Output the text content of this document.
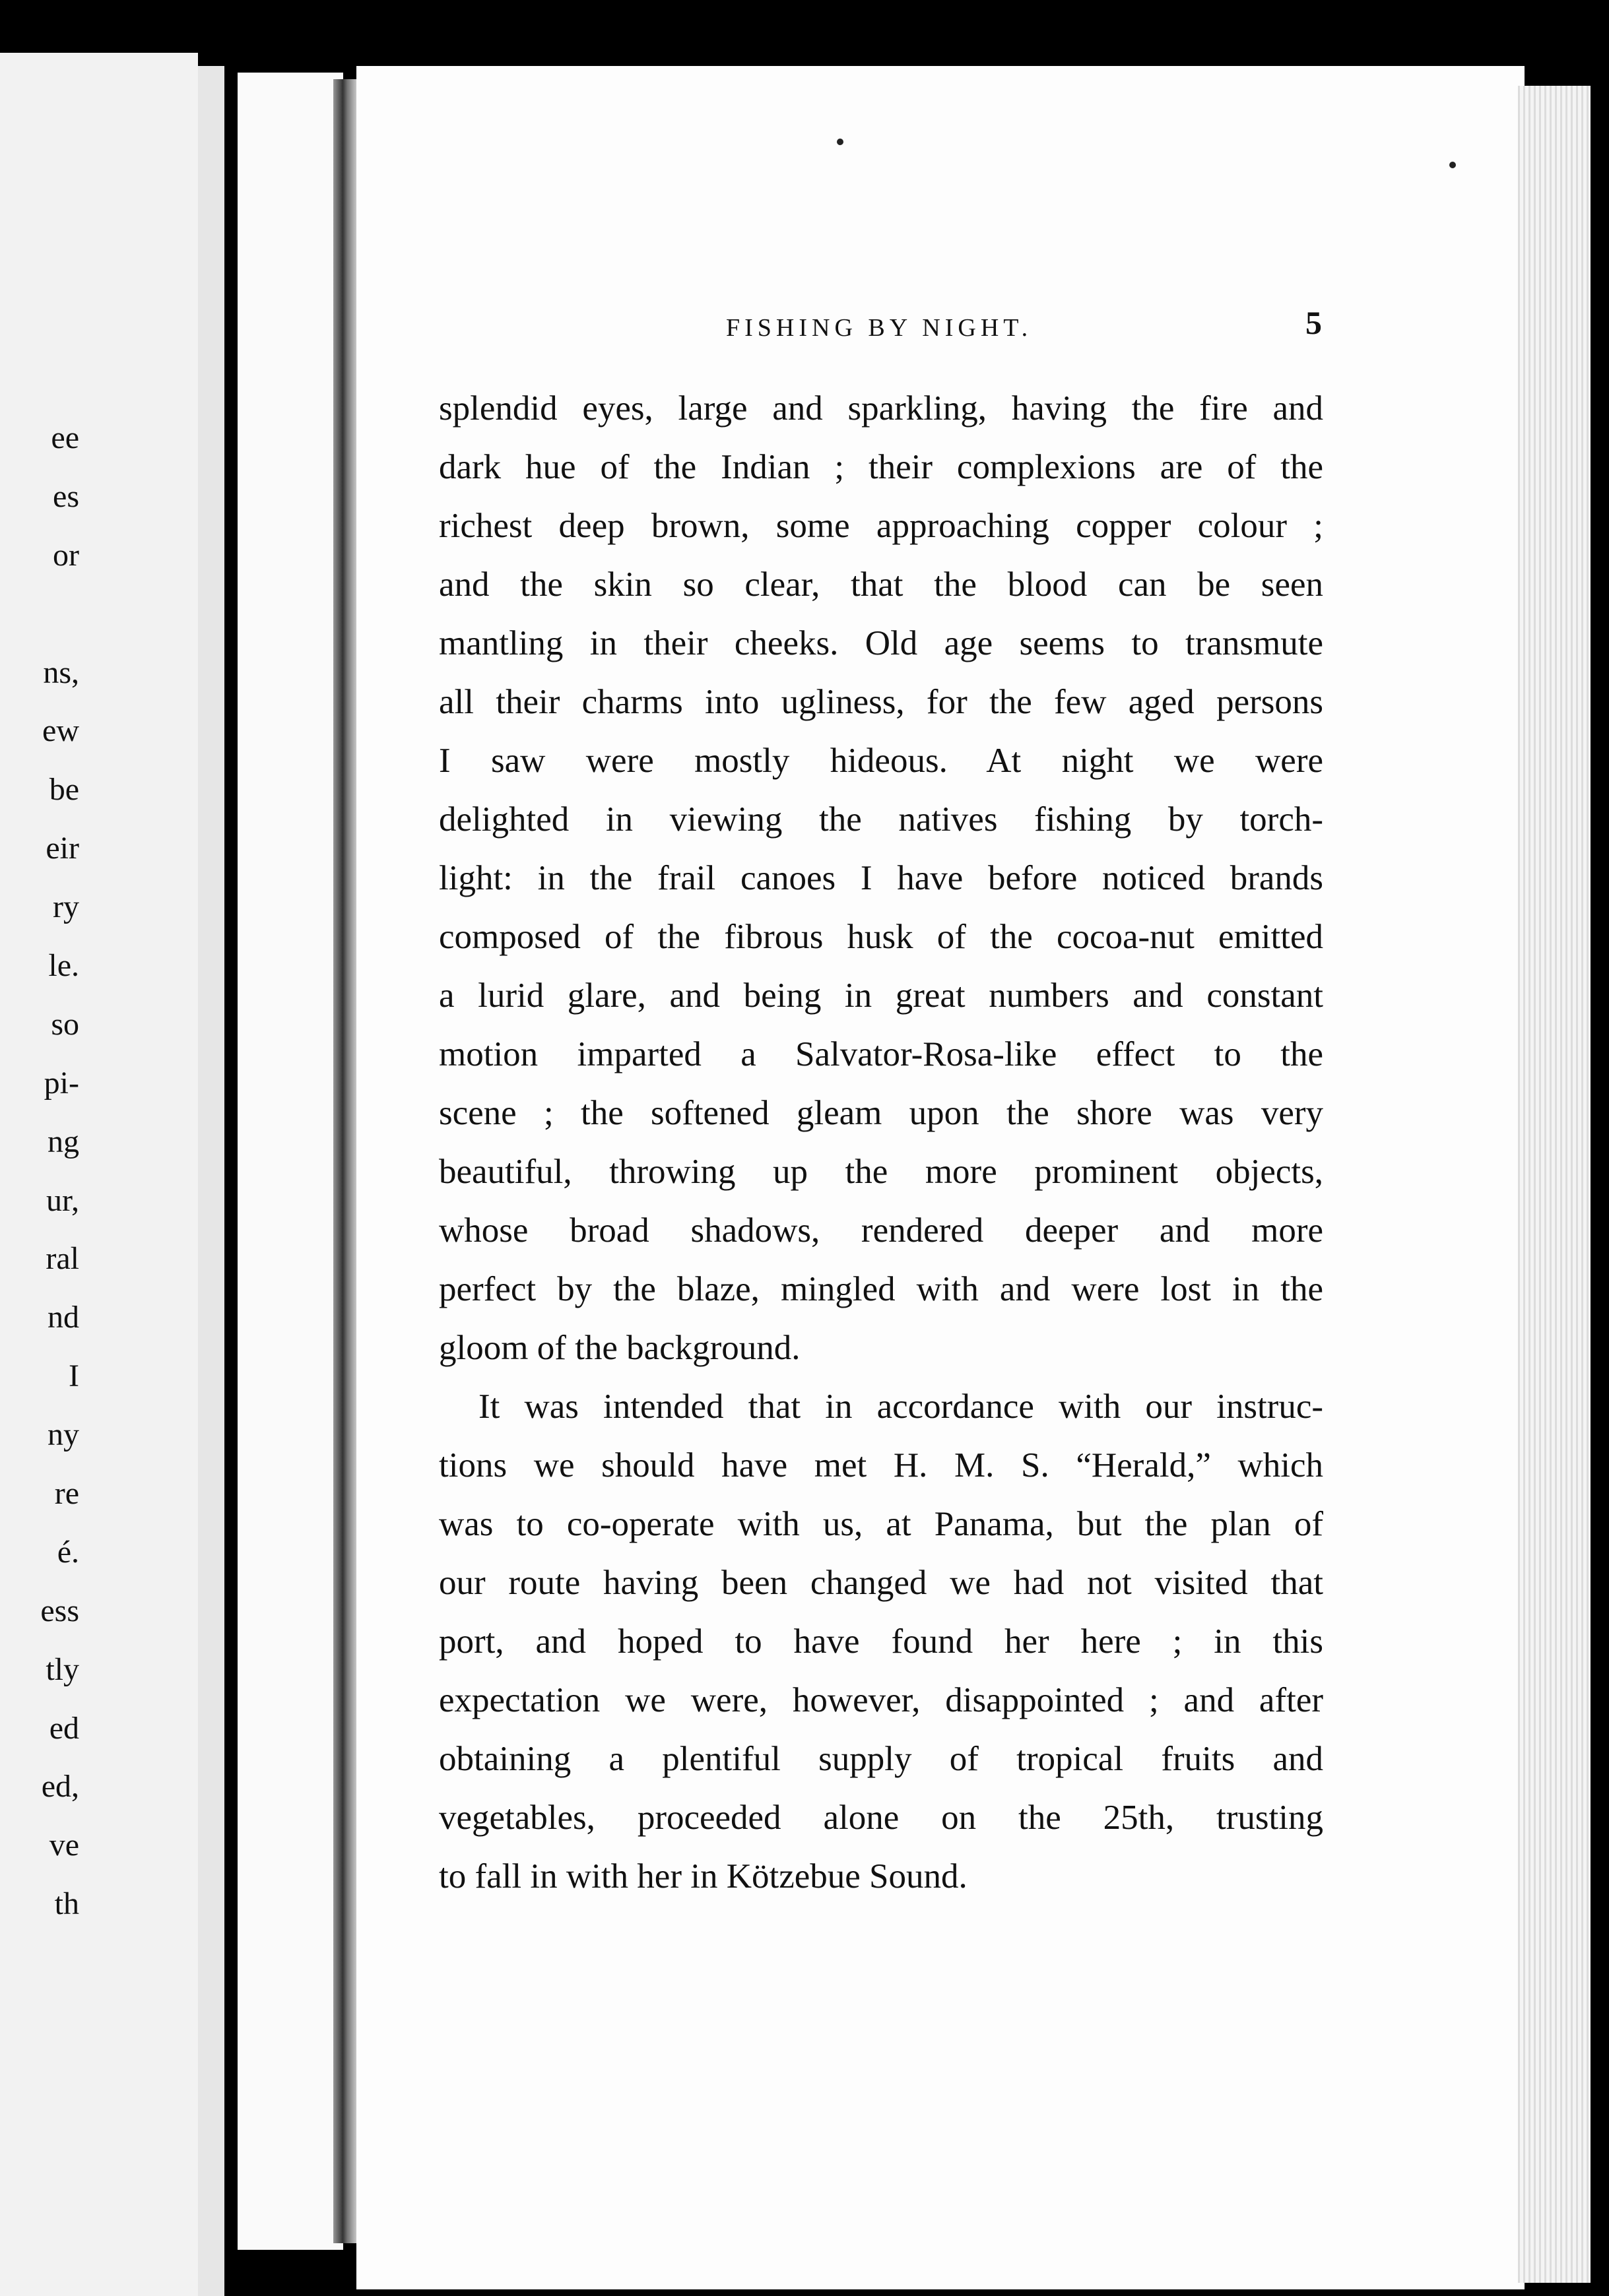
ee
es
or
ns,
ew
be
eir
ry
le.
so
pi-
ng
ur,
ral
nd
I
ny
re
é.
ess
tly
ed
ed,
ve
th
FISHING BY NIGHT.	5
splendid eyes, large and sparkling, having the fire and
dark hue of the Indian ; their complexions are of the
richest deep brown, some approaching copper colour ;
and the skin so clear, that the blood can be seen
mantling in their cheeks. Old age seems to transmute
all their charms into ugliness, for the few aged persons
I saw were mostly hideous. At night we were
delighted in viewing the natives fishing by torch-
light: in the frail canoes I have before noticed brands
composed of the fibrous husk of the cocoa-nut emitted
a lurid glare, and being in great numbers and constant
motion imparted a Salvator-Rosa-like effect to the
scene ; the softened gleam upon the shore was very
beautiful, throwing up the more prominent objects,
whose broad shadows, rendered deeper and more
perfect by the blaze, mingled with and were lost in the
gloom of the background.
It was intended that in accordance with our instruc-
tions we should have met H. M. S. “Herald,” which
was to co-operate with us, at Panama, but the plan of
our route having been changed we had not visited that
port, and hoped to have found her here ; in this
expectation we were, however, disappointed ; and after
obtaining a plentiful supply of tropical fruits and
vegetables, proceeded alone on the 25th, trusting
to fall in with her in Kötzebue Sound.
